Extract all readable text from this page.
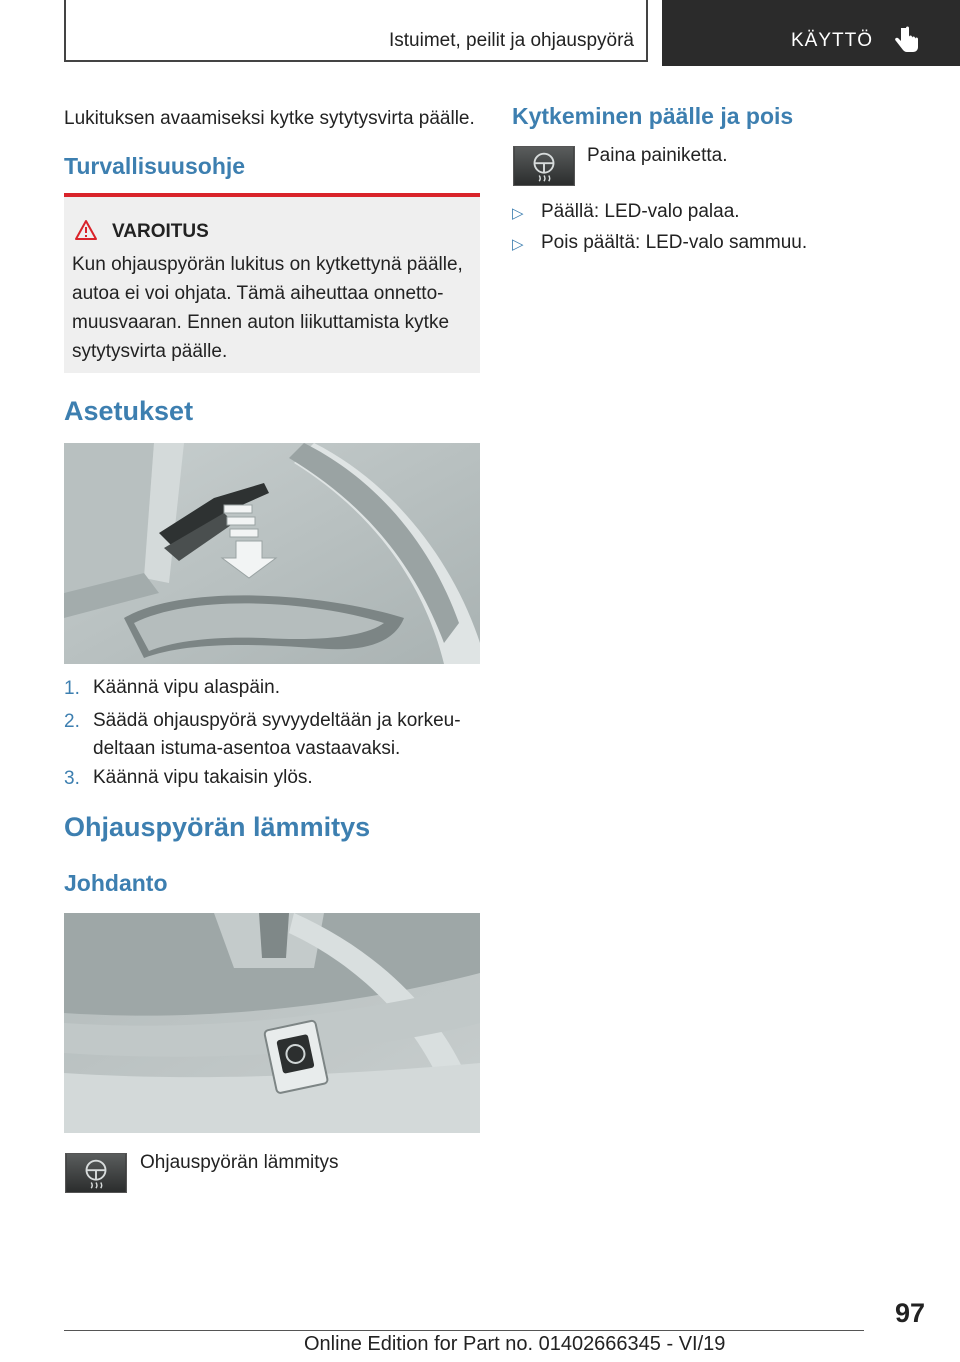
Istuimet, peilit ja ohjauspyörä	KÄYTTÖ
Lukituksen avaamiseksi kytke sytytysvirta päälle.
Turvallisuusohje
VAROITUS
Kun ohjauspyörän lukitus on kytkettynä päälle, autoa ei voi ohjata. Tämä aiheuttaa onnettomuusvaaran. Ennen auton liikuttamista kytke sytytysvirta päälle.
Asetukset
1. Käännä vipu alaspäin.
2. Säädä ohjauspyörä syvyydeltään ja korkeudeltaan istuma-asentoa vastaavaksi.
3. Käännä vipu takaisin ylös.
Ohjauspyörän lämmitys
Johdanto
Ohjauspyörän lämmitys
Kytkeminen päälle ja pois
Paina painiketta.
▷ Päällä: LED-valo palaa.
▷ Pois päältä: LED-valo sammuu.
97
Online Edition for Part no. 01402666345 - VI/19
